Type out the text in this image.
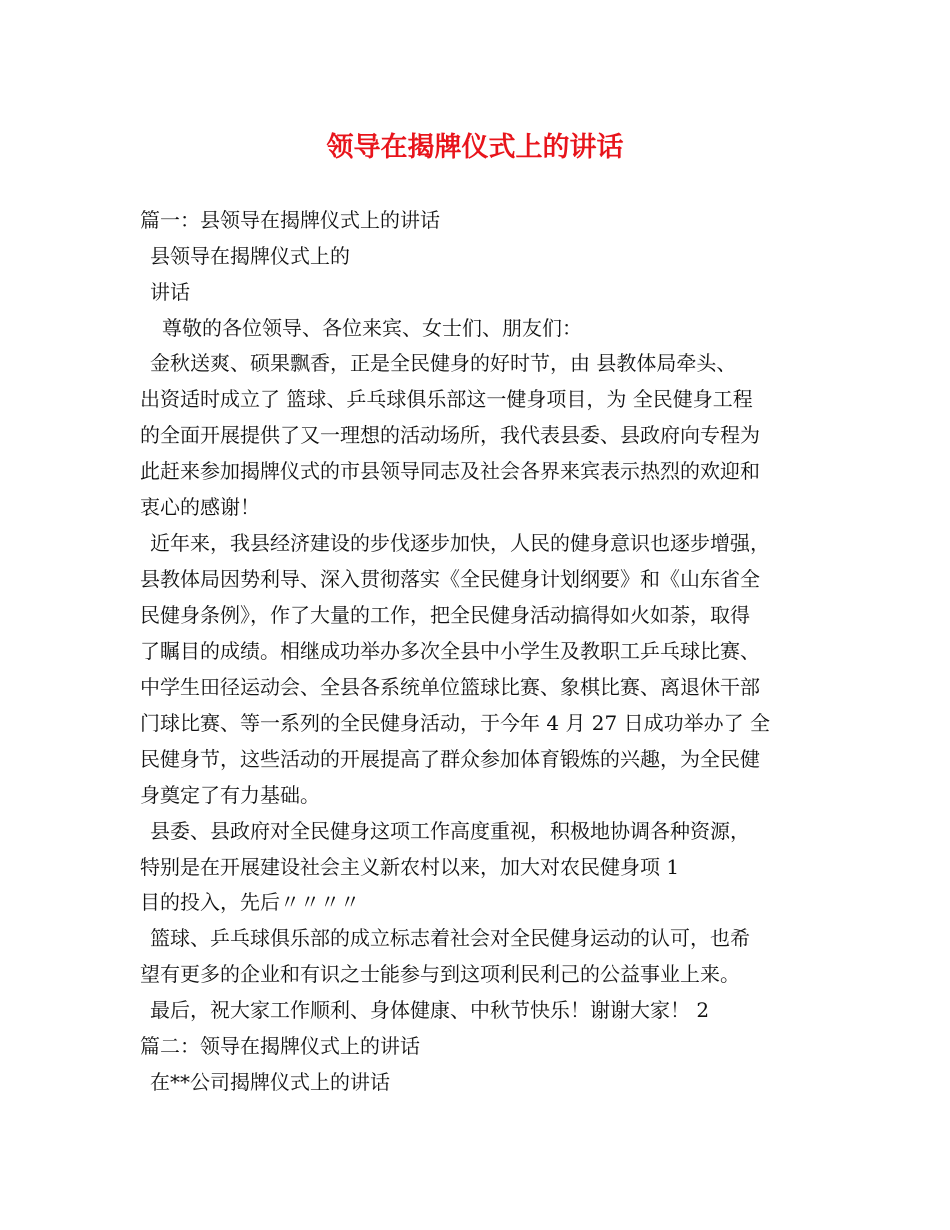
领导在揭牌仪式上的讲话
篇一：县领导在揭牌仪式上的讲话
县领导在揭牌仪式上的
讲话
尊敬的各位领导、各位来宾、女士们、朋友们：
金秋送爽、硕果飘香，正是全民健身的好时节，由 县教体局牵头、
出资适时成立了 篮球、乒乓球俱乐部这一健身项目，为 全民健身工程
的全面开展提供了又一理想的活动场所，我代表县委、县政府向专程为
此赶来参加揭牌仪式的市县领导同志及社会各界来宾表示热烈的欢迎和
衷心的感谢！
近年来，我县经济建设的步伐逐步加快，人民的健身意识也逐步增强，
县教体局因势利导、深入贯彻落实《全民健身计划纲要》和《山东省全
民健身条例》，作了大量的工作，把全民健身活动搞得如火如荼，取得
了瞩目的成绩。相继成功举办多次全县中小学生及教职工乒乓球比赛、
中学生田径运动会、全县各系统单位篮球比赛、象棋比赛、离退休干部
门球比赛、等一系列的全民健身活动，于今年 4 月 27 日成功举办了 全
民健身节，这些活动的开展提高了群众参加体育锻炼的兴趣，为全民健
身奠定了有力基础。
县委、县政府对全民健身这项工作高度重视，积极地协调各种资源，
特别是在开展建设社会主义新农村以来，加大对农民健身项 1
目的投入，先后〃〃〃〃
篮球、乒乓球俱乐部的成立标志着社会对全民健身运动的认可，也希
望有更多的企业和有识之士能参与到这项利民利己的公益事业上来。
最后，祝大家工作顺利、身体健康、中秋节快乐！谢谢大家！ 2
篇二：领导在揭牌仪式上的讲话
在**公司揭牌仪式上的讲话
